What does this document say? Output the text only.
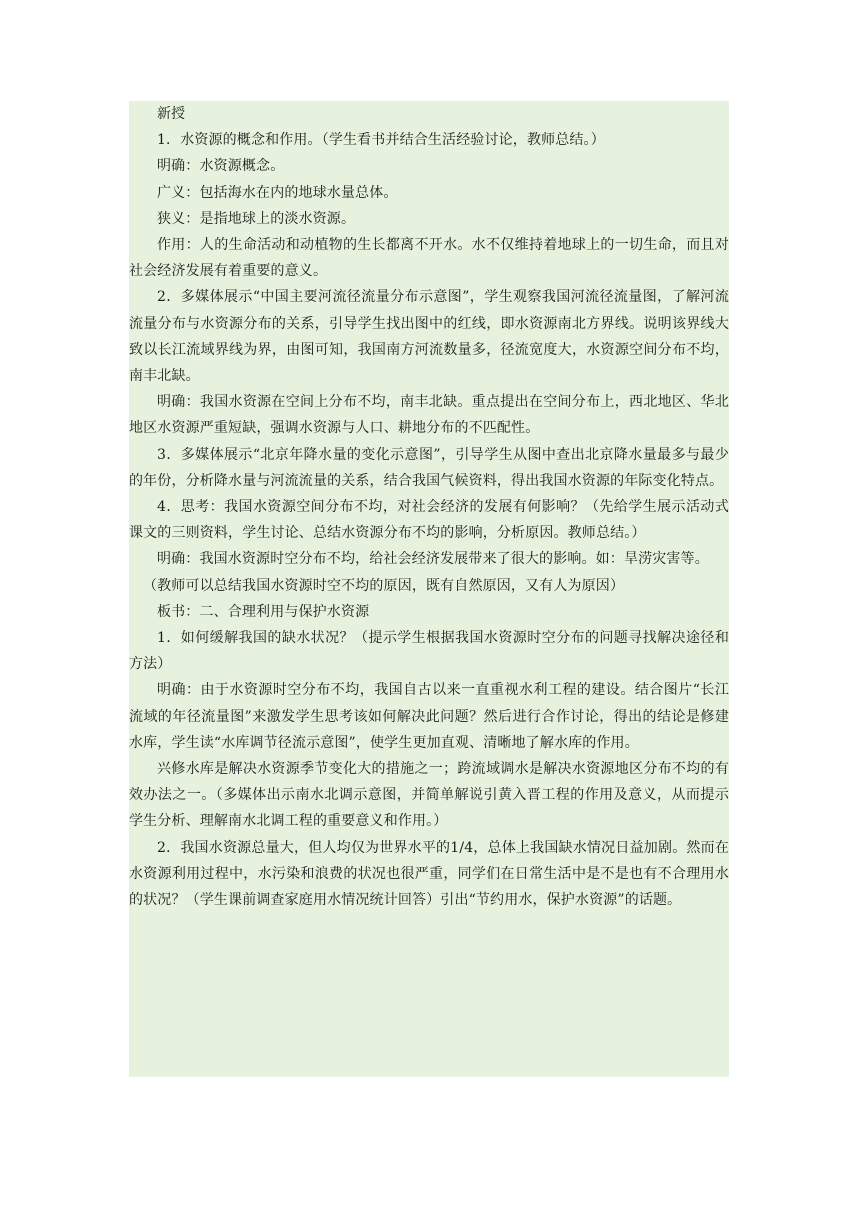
新授

1．水资源的概念和作用。（学生看书并结合生活经验讨论，教师总结。）

明确：水资源概念。

广义：包括海水在内的地球水量总体。

狭义：是指地球上的淡水资源。

作用：人的生命活动和动植物的生长都离不开水。水不仅维持着地球上的一切生命，而且对社会经济发展有着重要的意义。

2．多媒体展示“中国主要河流径流量分布示意图”，学生观察我国河流径流量图，了解河流流量分布与水资源分布的关系，引导学生找出图中的红线，即水资源南北方界线。说明该界线大致以长江流域界线为界，由图可知，我国南方河流数量多，径流宽度大，水资源空间分布不均，南丰北缺。

明确：我国水资源在空间上分布不均，南丰北缺。重点提出在空间分布上，西北地区、华北地区水资源严重短缺，强调水资源与人口、耕地分布的不匹配性。

3．多媒体展示“北京年降水量的变化示意图”，引导学生从图中查出北京降水量最多与最少的年份，分析降水量与河流流量的关系，结合我国气候资料，得出我国水资源的年际变化特点。

4．思考：我国水资源空间分布不均，对社会经济的发展有何影响？（先给学生展示活动式课文的三则资料，学生讨论、总结水资源分布不均的影响，分析原因。教师总结。）

明确：我国水资源时空分布不均，给社会经济发展带来了很大的影响。如：旱涝灾害等。

（教师可以总结我国水资源时空不均的原因，既有自然原因，又有人为原因）

板书：二、合理利用与保护水资源

1．如何缓解我国的缺水状况？（提示学生根据我国水资源时空分布的问题寻找解决途径和方法）

明确：由于水资源时空分布不均，我国自古以来一直重视水利工程的建设。结合图片“长江流域的年径流量图”来激发学生思考该如何解决此问题？然后进行合作讨论，得出的结论是修建水库，学生读“水库调节径流示意图”，使学生更加直观、清晰地了解水库的作用。

兴修水库是解决水资源季节变化大的措施之一；跨流域调水是解决水资源地区分布不均的有效办法之一。（多媒体出示南水北调示意图，并简单解说引黄入晋工程的作用及意义，从而提示学生分析、理解南水北调工程的重要意义和作用。）

2．我国水资源总量大，但人均仅为世界水平的1/4，总体上我国缺水情况日益加剧。然而在水资源利用过程中，水污染和浪费的状况也很严重，同学们在日常生活中是不是也有不合理用水的状况？（学生课前调查家庭用水情况统计回答）引出“节约用水，保护水资源”的话题。
